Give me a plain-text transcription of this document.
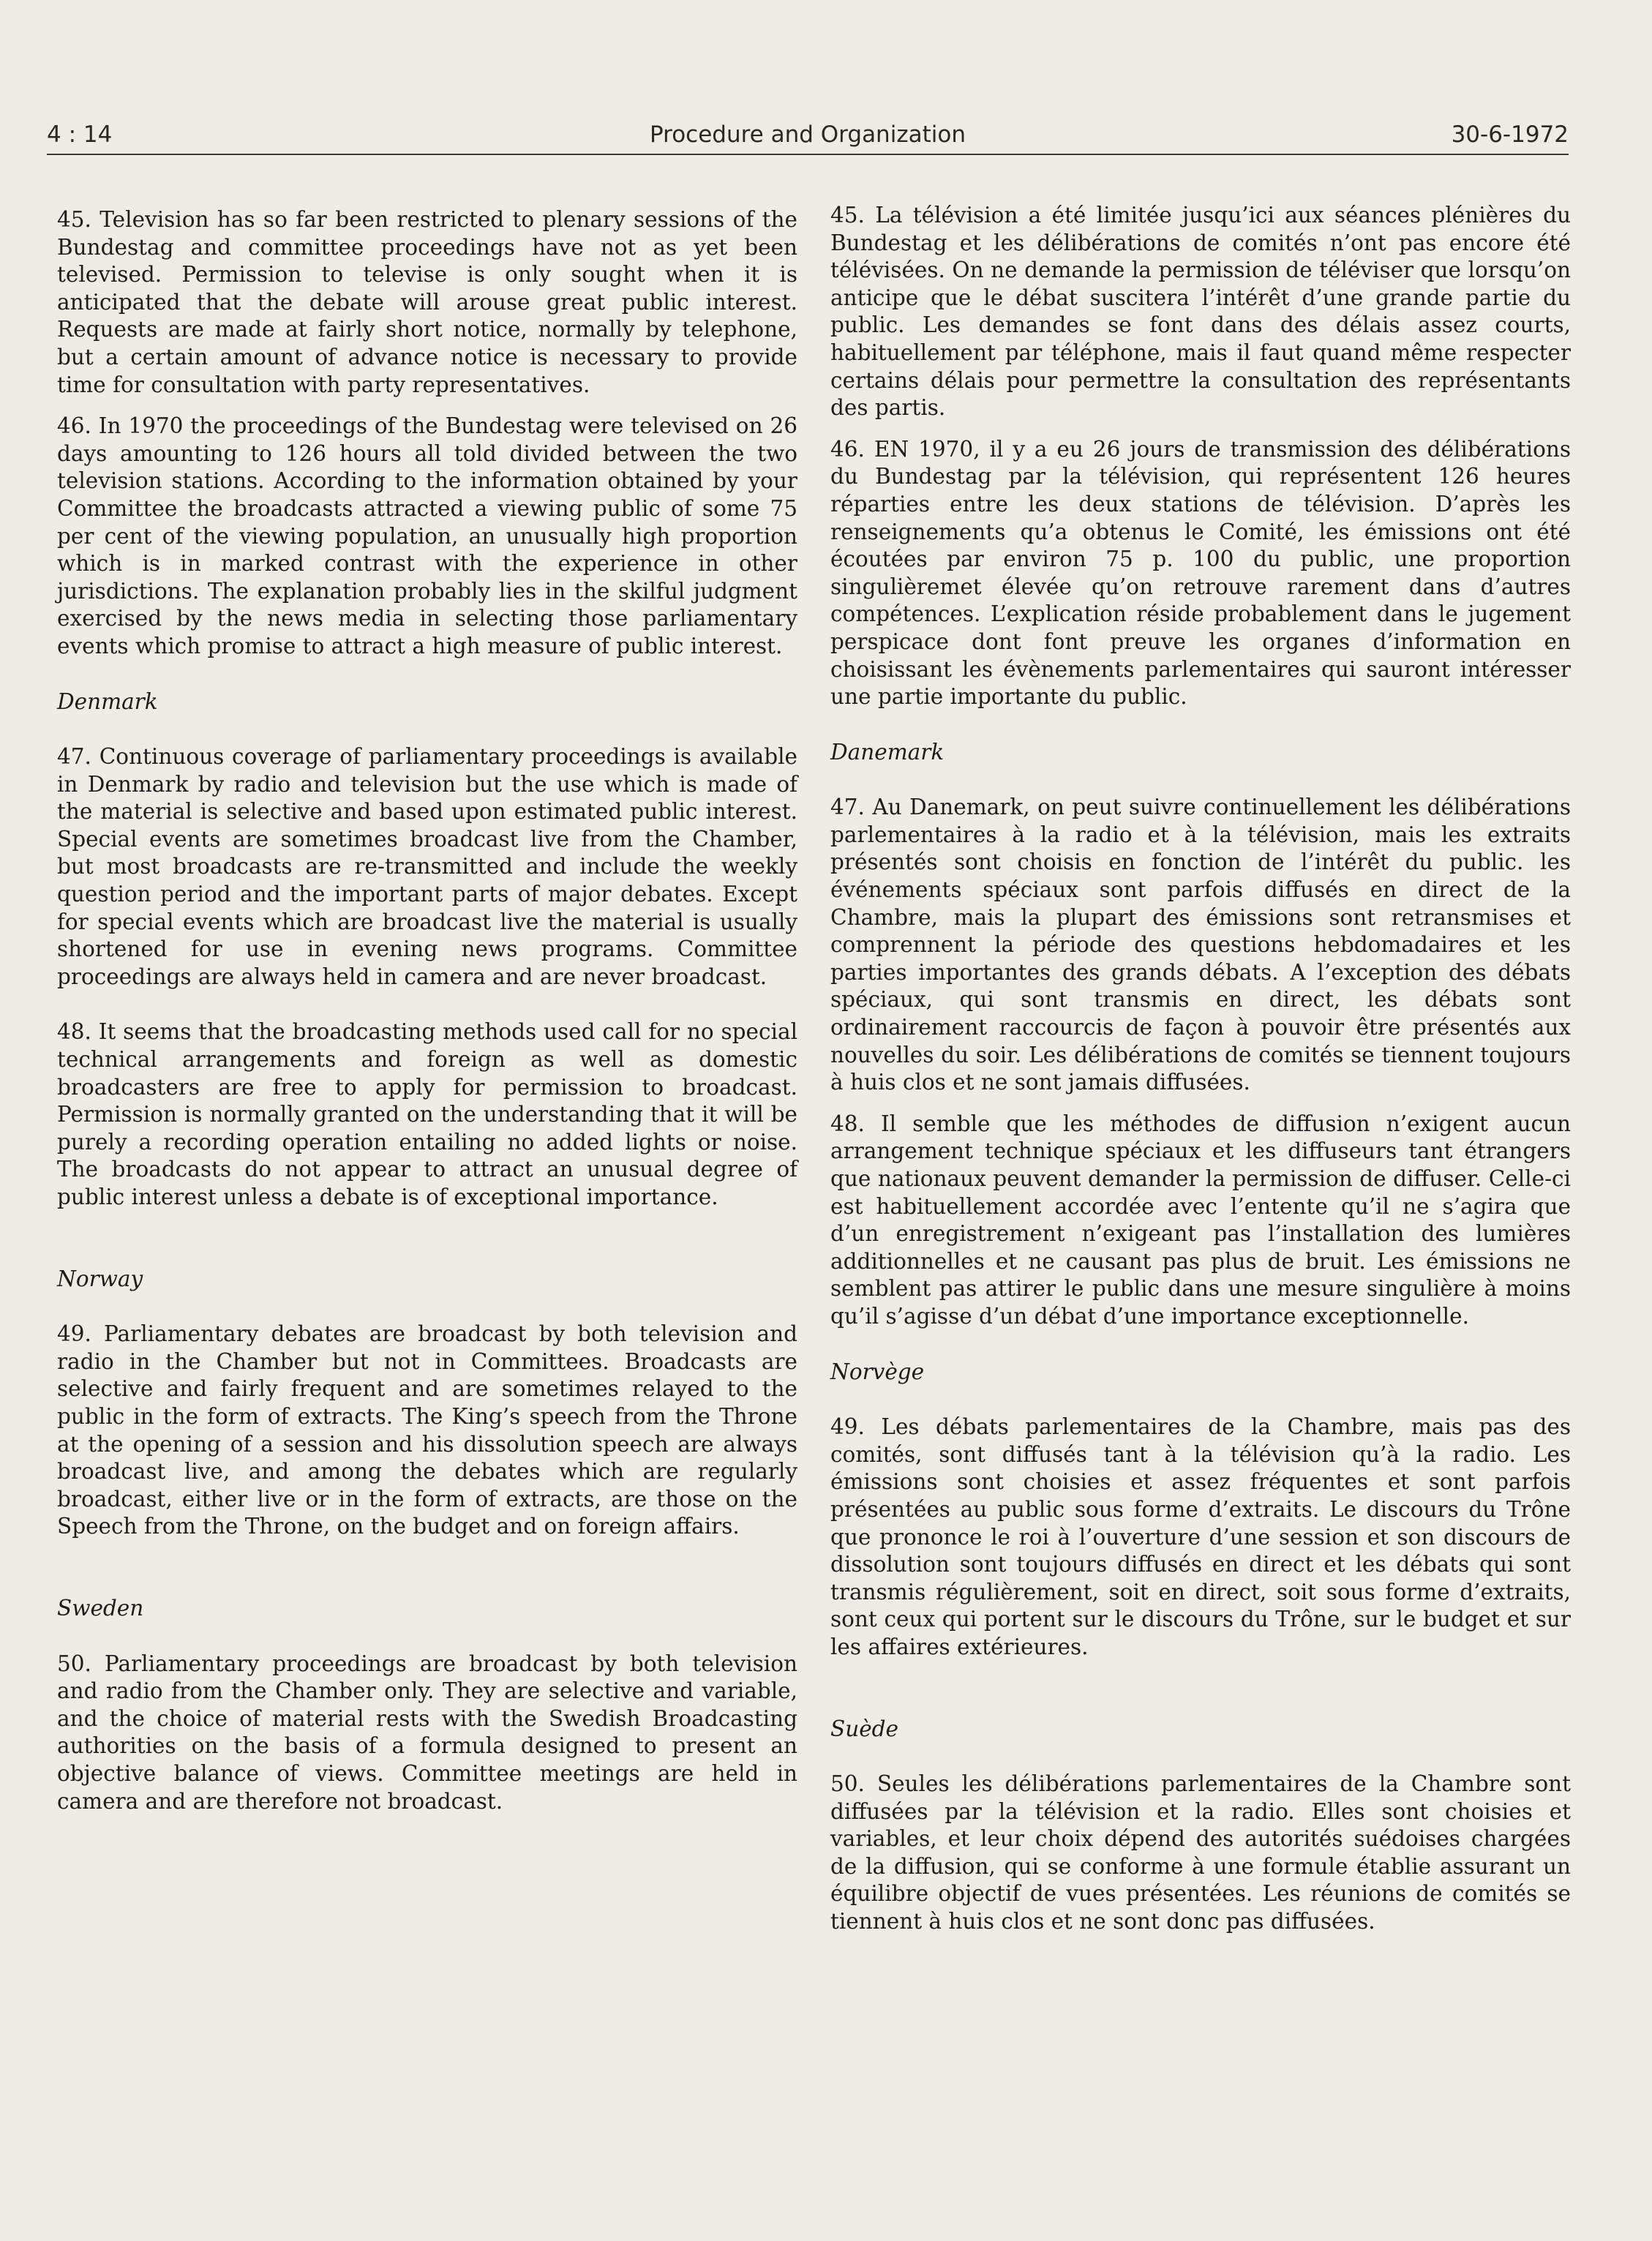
4 : 14	Procedure and Organization	30-6-1972

45. Television has so far been restricted to plenary sessions of the Bundestag and committee proceedings have not as yet been televised. Permission to televise is only sought when it is anticipated that the debate will arouse great public interest. Requests are made at fairly short notice, normally by telephone, but a certain amount of advance notice is necessary to provide time for consultation with party representatives.

46. In 1970 the proceedings of the Bundestag were televised on 26 days amounting to 126 hours all told divided between the two television stations. According to the information obtained by your Committee the broadcasts attracted a viewing public of some 75 per cent of the viewing population, an unusually high proportion which is in marked contrast with the experience in other jurisdictions. The explanation probably lies in the skilful judgment exercised by the news media in selecting those parliamentary events which promise to attract a high measure of public interest.

Denmark

47. Continuous coverage of parliamentary proceedings is available in Denmark by radio and television but the use which is made of the material is selective and based upon estimated public interest. Special events are sometimes broadcast live from the Chamber, but most broadcasts are re-transmitted and include the weekly question period and the important parts of major debates. Except for special events which are broadcast live the material is usually shortened for use in evening news programs. Committee proceedings are always held in camera and are never broadcast.

48. It seems that the broadcasting methods used call for no special technical arrangements and foreign as well as domestic broadcasters are free to apply for permission to broadcast. Permission is normally granted on the understanding that it will be purely a recording operation entailing no added lights or noise. The broadcasts do not appear to attract an unusual degree of public interest unless a debate is of exceptional importance.

Norway

49. Parliamentary debates are broadcast by both television and radio in the Chamber but not in Committees. Broadcasts are selective and fairly frequent and are sometimes relayed to the public in the form of extracts. The King’s speech from the Throne at the opening of a session and his dissolution speech are always broadcast live, and among the debates which are regularly broadcast, either live or in the form of extracts, are those on the Speech from the Throne, on the budget and on foreign affairs.

Sweden

50. Parliamentary proceedings are broadcast by both television and radio from the Chamber only. They are selective and variable, and the choice of material rests with the Swedish Broadcasting authorities on the basis of a formula designed to present an objective balance of views. Committee meetings are held in camera and are therefore not broadcast.

45. La télévision a été limitée jusqu’ici aux séances plénières du Bundestag et les délibérations de comités n’ont pas encore été télévisées. On ne demande la permission de téléviser que lorsqu’on anticipe que le débat suscitera l’intérêt d’une grande partie du public. Les demandes se font dans des délais assez courts, habituellement par téléphone, mais il faut quand même respecter certains délais pour permettre la consultation des représentants des partis.

46. EN 1970, il y a eu 26 jours de transmission des délibérations du Bundestag par la télévision, qui représentent 126 heures réparties entre les deux stations de télévision. D’après les renseignements qu’a obtenus le Comité, les émissions ont été écoutées par environ 75 p. 100 du public, une proportion singulièremet élevée qu’on retrouve rarement dans d’autres compétences. L’explication réside probablement dans le jugement perspicace dont font preuve les organes d’information en choisissant les évènements parlementaires qui sauront intéresser une partie importante du public.

Danemark

47. Au Danemark, on peut suivre continuellement les délibérations parlementaires à la radio et à la télévision, mais les extraits présentés sont choisis en fonction de l’intérêt du public. les événements spéciaux sont parfois diffusés en direct de la Chambre, mais la plupart des émissions sont retransmises et comprennent la période des questions hebdomadaires et les parties importantes des grands débats. A l’exception des débats spéciaux, qui sont transmis en direct, les débats sont ordinairement raccourcis de façon à pouvoir être présentés aux nouvelles du soir. Les délibérations de comités se tiennent toujours à huis clos et ne sont jamais diffusées.

48. Il semble que les méthodes de diffusion n’exigent aucun arrangement technique spéciaux et les diffuseurs tant étrangers que nationaux peuvent demander la permission de diffuser. Celle-ci est habituellement accordée avec l’entente qu’il ne s’agira que d’un enregistrement n’exigeant pas l’installation des lumières additionnelles et ne causant pas plus de bruit. Les émissions ne semblent pas attirer le public dans une mesure singulière à moins qu’il s’agisse d’un débat d’une importance exceptionnelle.

Norvège

49. Les débats parlementaires de la Chambre, mais pas des comités, sont diffusés tant à la télévision qu’à la radio. Les émissions sont choisies et assez fréquentes et sont parfois présentées au public sous forme d’extraits. Le discours du Trône que prononce le roi à l’ouverture d’une session et son discours de dissolution sont toujours diffusés en direct et les débats qui sont transmis régulièrement, soit en direct, soit sous forme d’extraits, sont ceux qui portent sur le discours du Trône, sur le budget et sur les affaires extérieures.

Suède

50. Seules les délibérations parlementaires de la Chambre sont diffusées par la télévision et la radio. Elles sont choisies et variables, et leur choix dépend des autorités suédoises chargées de la diffusion, qui se conforme à une formule établie assurant un équilibre objectif de vues présentées. Les réunions de comités se tiennent à huis clos et ne sont donc pas diffusées.
